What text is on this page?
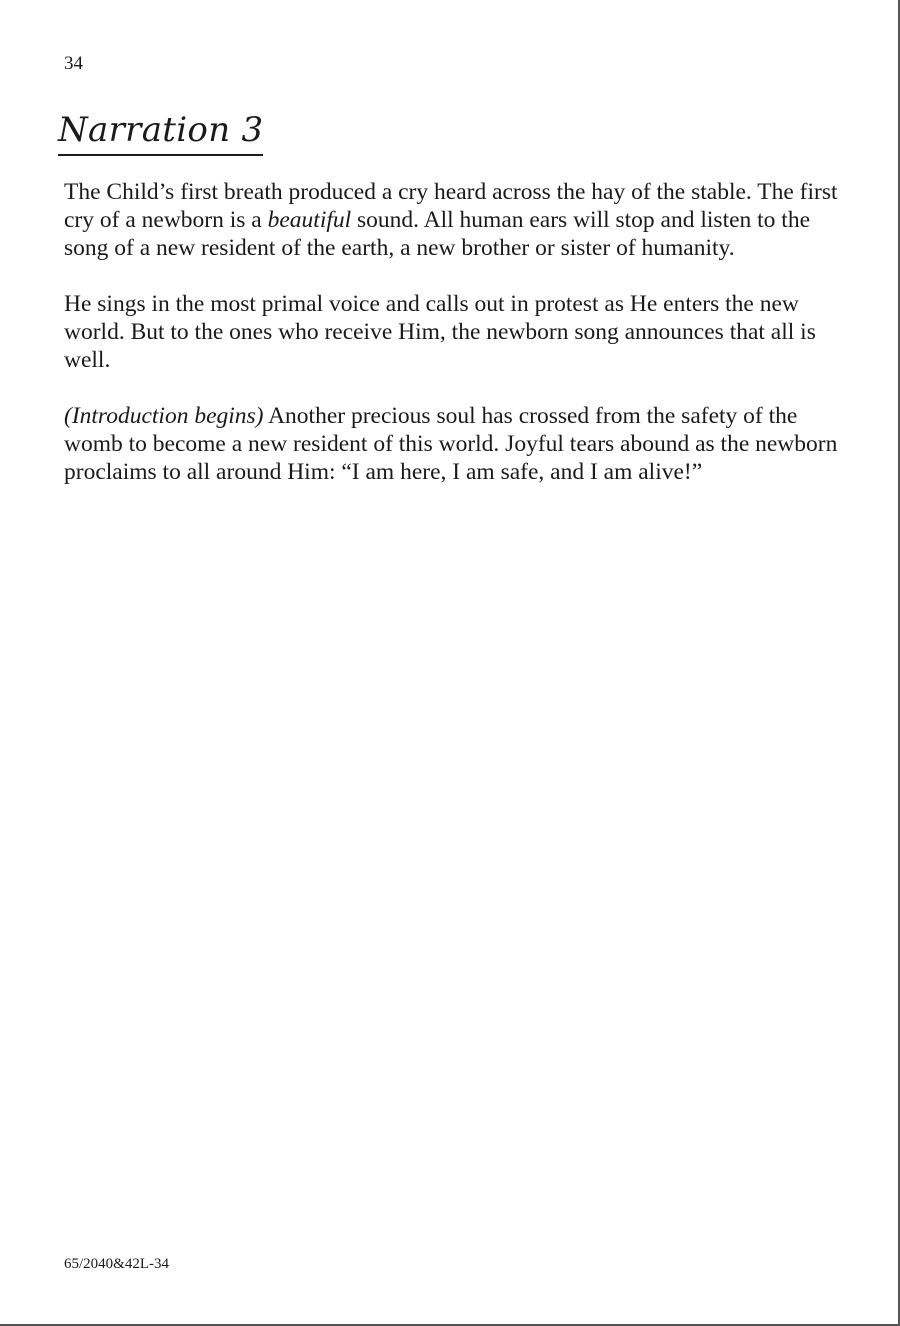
34
Narration 3

The Child’s first breath produced a cry heard across the hay of the stable. The first cry of a newborn is a beautiful sound. All human ears will stop and listen to the song of a new resident of the earth, a new brother or sister of humanity.

He sings in the most primal voice and calls out in protest as He enters the new world. But to the ones who receive Him, the newborn song announces that all is well.

(Introduction begins) Another precious soul has crossed from the safety of the womb to become a new resident of this world. Joyful tears abound as the newborn proclaims to all around Him: “I am here, I am safe, and I am alive!”

65/2040&42L-34
